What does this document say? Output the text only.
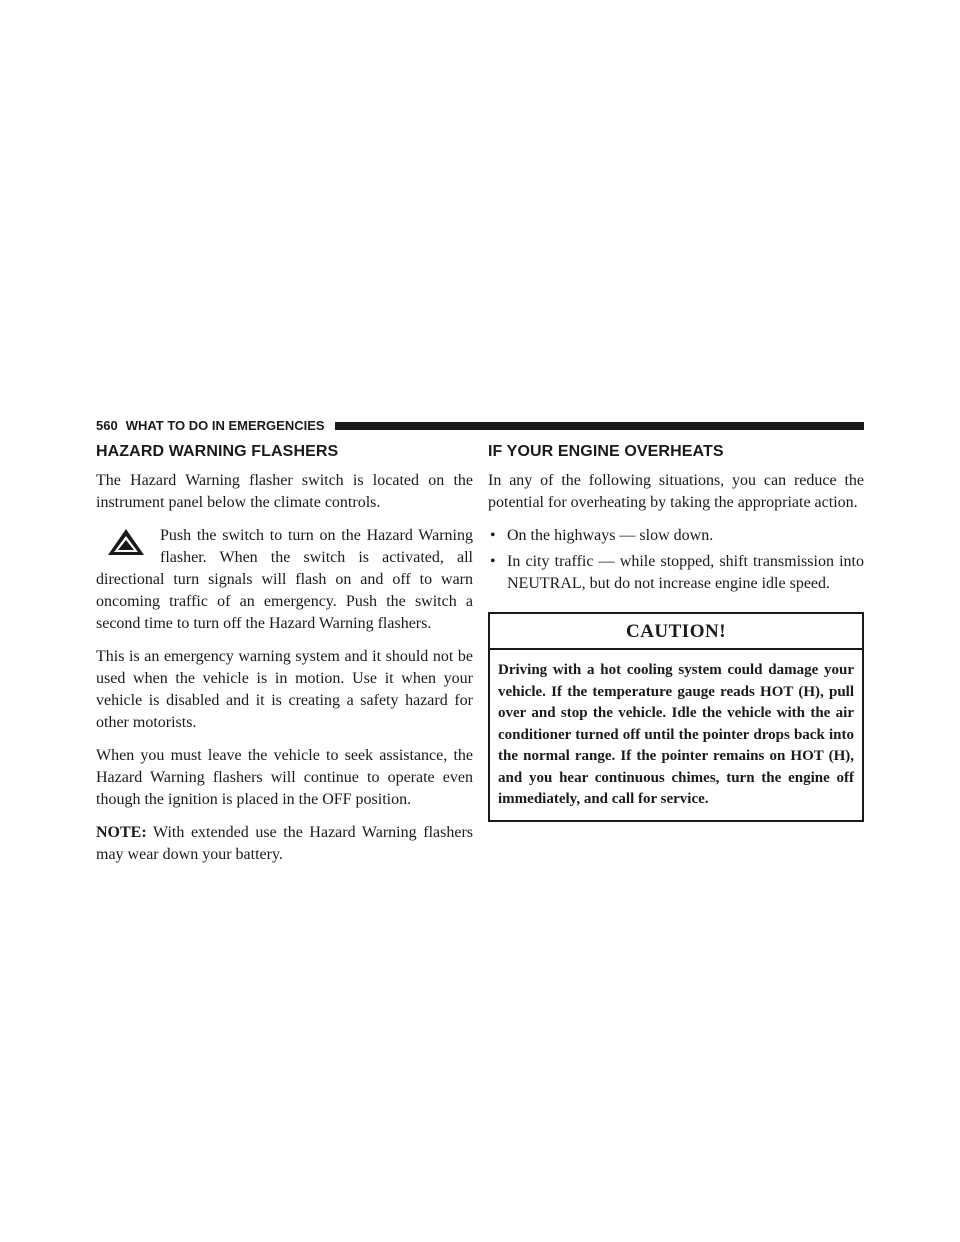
560 WHAT TO DO IN EMERGENCIES
HAZARD WARNING FLASHERS

The Hazard Warning flasher switch is located on the instrument panel below the climate controls.

Push the switch to turn on the Hazard Warning flasher. When the switch is activated, all directional turn signals will flash on and off to warn oncoming traffic of an emergency. Push the switch a second time to turn off the Hazard Warning flashers.

This is an emergency warning system and it should not be used when the vehicle is in motion. Use it when your vehicle is disabled and it is creating a safety hazard for other motorists.

When you must leave the vehicle to seek assistance, the Hazard Warning flashers will continue to operate even though the ignition is placed in the OFF position.

NOTE: With extended use the Hazard Warning flashers may wear down your battery.

IF YOUR ENGINE OVERHEATS

In any of the following situations, you can reduce the potential for overheating by taking the appropriate action.

• On the highways — slow down.
• In city traffic — while stopped, shift transmission into NEUTRAL, but do not increase engine idle speed.
CAUTION!
Driving with a hot cooling system could damage your vehicle. If the temperature gauge reads HOT (H), pull over and stop the vehicle. Idle the vehicle with the air conditioner turned off until the pointer drops back into the normal range. If the pointer remains on HOT (H), and you hear continuous chimes, turn the engine off immediately, and call for service.
